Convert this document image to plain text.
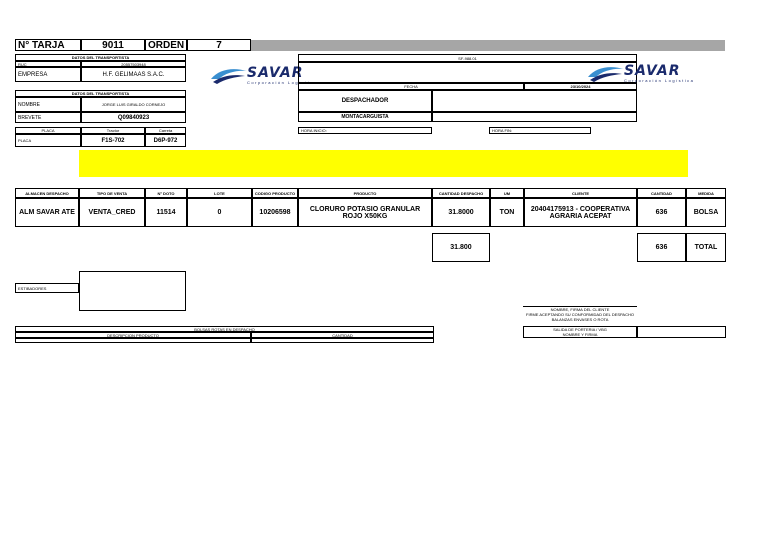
N° TARJA	9011	ORDEN	7
DATOS DEL TRANSPORTISTA
RUC	20557503948
EMPRESA	H.F. GELIMAAS S.A.C.
DATOS DEL TRANSPORTISTA
NOMBRE	JORGE LUIS GIRALDO CORNEJO
BREVETE	Q09840923
PLACA	Tractor	Carreta
PLACA	F1S-702	D6P-972
SAVAR
Corporación Logística
SF-988.01
FECHA	23/10/2024
DESPACHADOR
MONTACARGUISTA
HORA INICIO:	HORA FIN:
SAVAR
Corporación Logística
ALMACEN DESPACHO	TIPO DE VENTA	N° DOTO	LOTE	CODIGO PRODUCTO	PRODUCTO	CANTIDAD DESPACHO	UM	CLIENTE	CANTIDAD	MEDIDA
ALM SAVAR ATE	VENTA_CRED	11514	0	10206598	CLORURO POTASIO GRANULAR ROJO X50KG	31.8000	TON	20404175913 - COOPERATIVA AGRARIA ACEPAT	636	BOLSA
31.800	636	TOTAL
ESTIBADORES
NOMBRE, FIRMA DEL CLIENTE
FIRME ACEPTANDO SU CONFORMIDAD DEL DESPACHO
BALANZAS ENVASES O ROTA
BOLSAS ROTAS EN DESPACHO
DESCRIPCION PRODUCTO	CANTIDAD
SALIDA DE PORTERIA / VBG
NOMBRE Y FIRMA
